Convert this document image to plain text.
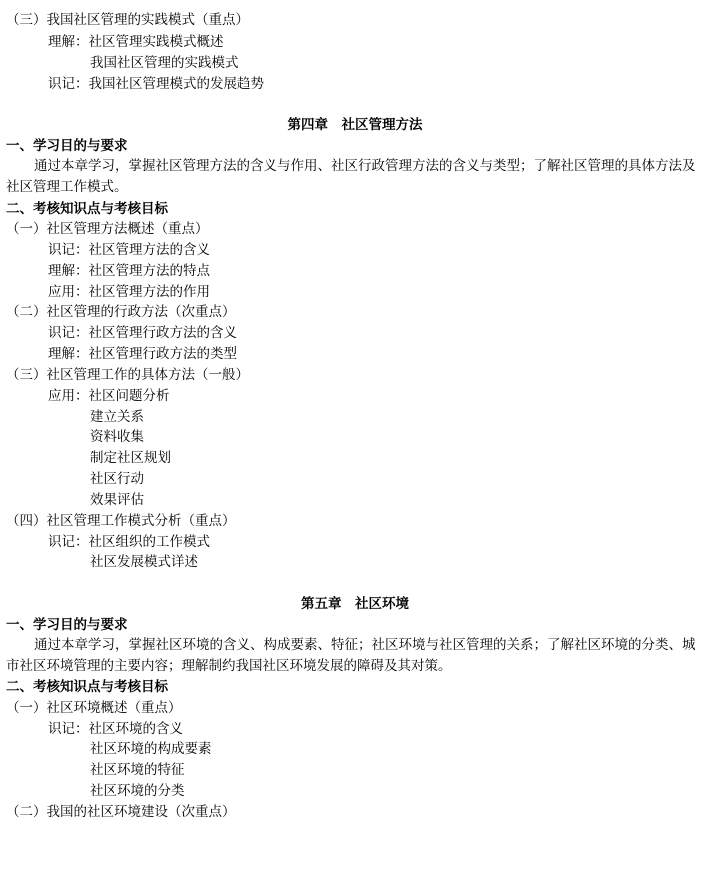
（三）我国社区管理的实践模式（重点）
理解：社区管理实践模式概述
我国社区管理的实践模式
识记：我国社区管理模式的发展趋势
第四章　社区管理方法
一、学习目的与要求
通过本章学习，掌握社区管理方法的含义与作用、社区行政管理方法的含义与类型；了解社区管理的具体方法及社区管理工作模式。
二、考核知识点与考核目标
（一）社区管理方法概述（重点）
识记：社区管理方法的含义
理解：社区管理方法的特点
应用：社区管理方法的作用
（二）社区管理的行政方法（次重点）
识记：社区管理行政方法的含义
理解：社区管理行政方法的类型
（三）社区管理工作的具体方法（一般）
应用：社区问题分析
建立关系
资料收集
制定社区规划
社区行动
效果评估
（四）社区管理工作模式分析（重点）
识记：社区组织的工作模式
社区发展模式详述
第五章　社区环境
一、学习目的与要求
通过本章学习，掌握社区环境的含义、构成要素、特征；社区环境与社区管理的关系；了解社区环境的分类、城市社区环境管理的主要内容；理解制约我国社区环境发展的障碍及其对策。
二、考核知识点与考核目标
（一）社区环境概述（重点）
识记：社区环境的含义
社区环境的构成要素
社区环境的特征
社区环境的分类
（二）我国的社区环境建设（次重点）
